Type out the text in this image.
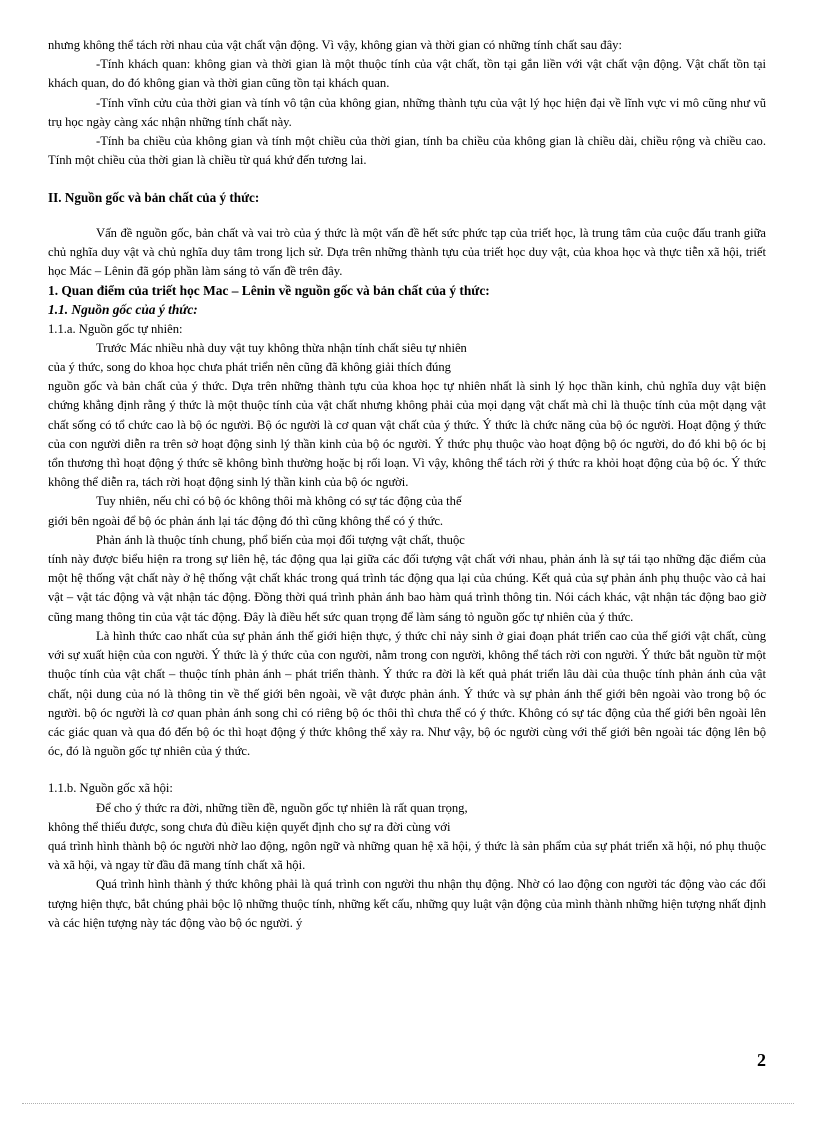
nhưng không thể tách rời nhau của vật chất vận động. Vì vậy, không gian và thời gian có những tính chất sau đây:

-Tính khách quan: không gian và thời gian là một thuộc tính của vật chất, tồn tại gắn liền với vật chất vận động. Vật chất tồn tại khách quan, do đó không gian và thời gian cũng tồn tại khách quan.

-Tính vĩnh cửu của thời gian và tính vô tận của không gian, những thành tựu của vật lý học hiện đại về lĩnh vực vi mô cũng như vũ trụ học ngày càng xác nhận những tính chất này.

-Tính ba chiều của không gian và tính một chiều của thời gian, tính ba chiều của không gian là chiều dài, chiều rộng và chiều cao. Tính một chiều của thời gian là chiều từ quá khứ đến tương lai.

II. Nguồn gốc và bản chất của ý thức:

Vấn đề nguồn gốc, bản chất và vai trò của ý thức là một vấn đề hết sức phức tạp của triết học, là trung tâm của cuộc đấu tranh giữa chủ nghĩa duy vật và chủ nghĩa duy tâm trong lịch sử. Dựa trên những thành tựu của triết học duy vật, của khoa học và thực tiễn xã hội, triết học Mác – Lênin đã góp phần làm sáng tỏ vấn đề trên đây.

1. Quan điểm của triết học Mac – Lênin về nguồn gốc và bản chất của ý thức:

1.1. Nguồn gốc của ý thức:

1.1.a. Nguồn gốc tự nhiên:

Trước Mác nhiều nhà duy vật tuy không thừa nhận tính chất siêu tự nhiên

của ý thức, song do khoa học chưa phát triển nên cũng đã không giải thích đúng

nguồn gốc và bản chất của ý thức. Dựa trên những thành tựu của khoa học tự nhiên nhất là sinh lý học thần kinh, chủ nghĩa duy vật biện chứng khẳng định rằng ý thức là một thuộc tính của vật chất nhưng không phải của mọi dạng vật chất mà chỉ là thuộc tính của một dạng vật chất sống có tổ chức cao là bộ óc người. Bộ óc người là cơ quan vật chất của ý thức. Ý thức là chức năng của bộ óc người. Hoạt động ý thức của con người diễn ra trên sở hoạt động sinh lý thần kinh của bộ óc người. Ý thức phụ thuộc vào hoạt động bộ óc người, do đó khi bộ óc bị tổn thương thì hoạt động ý thức sẽ không bình thường hoặc bị rối loạn. Vì vậy, không thể tách rời ý thức ra khỏi hoạt động của bộ óc. Ý thức không thể diễn ra, tách rời hoạt động sinh lý thần kinh của bộ óc người.

Tuy nhiên, nếu chỉ có bộ óc không thôi mà không có sự tác động của thế

giới bên ngoài để bộ óc phản ánh lại tác động đó thì cũng không thể có ý thức.

Phản ánh là thuộc tính chung, phổ biến của mọi đối tượng vật chất, thuộc

tính này được biểu hiện ra trong sự liên hệ, tác động qua lại giữa các đối tượng vật chất với nhau, phản ánh là sự tái tạo những đặc điểm của một hệ thống vật chất này ở hệ thống vật chất khác trong quá trình tác động qua lại của chúng. Kết quả của sự phản ánh phụ thuộc vào cả hai vật – vật tác động và vật nhận tác động. Đồng thời quá trình phản ánh bao hàm quá trình thông tin. Nói cách khác, vật nhận tác động bao giờ cũng mang thông tin của vật tác động. Đây là điều hết sức quan trọng để làm sáng tỏ nguồn gốc tự nhiên của ý thức.

Là hình thức cao nhất của sự phản ánh thế giới hiện thực, ý thức chỉ nảy sinh ở giai đoạn phát triển cao của thế giới vật chất, cùng với sự xuất hiện của con người. Ý thức là ý thức của con người, nằm trong con người, không thể tách rời con người. Ý thức bắt nguồn từ một thuộc tính của vật chất – thuộc tính phản ánh – phát triển thành. Ý thức ra đời là kết quả phát triển lâu dài của thuộc tính phản ánh của vật chất, nội dung của nó là thông tin về thế giới bên ngoài, về vật được phản ánh. Ý thức và sự phản ánh thế giới bên ngoài vào trong bộ óc người. bộ óc người là cơ quan phản ánh song chỉ có riêng bộ óc thôi thì chưa thể có ý thức. Không có sự tác động của thế giới bên ngoài lên các giác quan và qua đó đến bộ óc thì hoạt động ý thức không thể xảy ra. Như vậy, bộ óc người cùng với thế giới bên ngoài tác động lên bộ óc, đó là nguồn gốc tự nhiên của ý thức.

1.1.b. Nguồn gốc xã hội:

Để cho ý thức ra đời, những tiền đề, nguồn gốc tự nhiên là rất quan trọng,

không thể thiếu được, song chưa đủ điều kiện quyết định cho sự ra đời cùng với

quá trình hình thành bộ óc người nhờ lao động, ngôn ngữ và những quan hệ xã hội, ý thức là sản phẩm của sự phát triển xã hội, nó phụ thuộc và xã hội, và ngay từ đầu đã mang tính chất xã hội.

Quá trình hình thành ý thức không phải là quá trình con người thu nhận thụ động. Nhờ có lao động con người tác động vào các đối tượng hiện thực, bắt chúng phải bộc lộ những thuộc tính, những kết cấu, những quy luật vận động của mình thành những hiện tượng nhất định và các hiện tượng này tác động vào bộ óc người. ý

2
